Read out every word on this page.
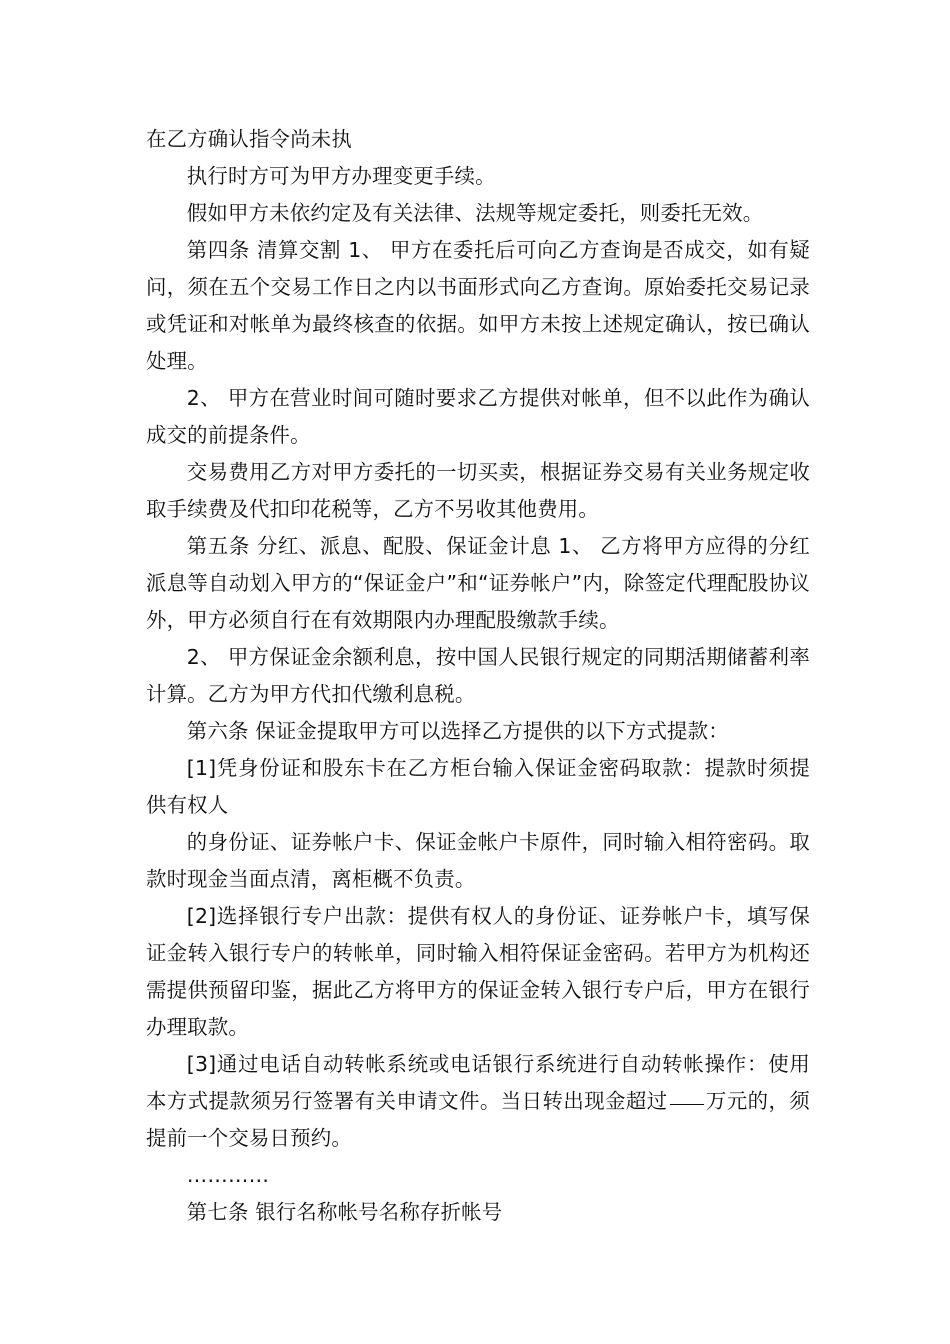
在乙方确认指令尚未执

执行时方可为甲方办理变更手续。

假如甲方未依约定及有关法律、法规等规定委托，则委托无效。

第四条 清算交割 1、 甲方在委托后可向乙方查询是否成交，如有疑问，须在五个交易工作日之内以书面形式向乙方查询。原始委托交易记录或凭证和对帐单为最终核查的依据。如甲方未按上述规定确认，按已确认处理。

2、 甲方在营业时间可随时要求乙方提供对帐单，但不以此作为确认成交的前提条件。

交易费用乙方对甲方委托的一切买卖，根据证券交易有关业务规定收取手续费及代扣印花税等，乙方不另收其他费用。

第五条 分红、派息、配股、保证金计息 1、 乙方将甲方应得的分红派息等自动划入甲方的“保证金户”和“证券帐户”内，除签定代理配股协议外，甲方必须自行在有效期限内办理配股缴款手续。

2、 甲方保证金余额利息，按中国人民银行规定的同期活期储蓄利率计算。乙方为甲方代扣代缴利息税。

第六条 保证金提取甲方可以选择乙方提供的以下方式提款：

[1]凭身份证和股东卡在乙方柜台输入保证金密码取款：提款时须提供有权人

的身份证、证券帐户卡、保证金帐户卡原件，同时输入相符密码。取款时现金当面点清，离柜概不负责。

[2]选择银行专户出款：提供有权人的身份证、证券帐户卡，填写保证金转入银行专户的转帐单，同时输入相符保证金密码。若甲方为机构还需提供预留印鉴，据此乙方将甲方的保证金转入银行专户后，甲方在银行办理取款。

[3]通过电话自动转帐系统或电话银行系统进行自动转帐操作：使用本方式提款须另行签署有关申请文件。当日转出现金超过 万元的，须提前一个交易日预约。

…………

第七条 银行名称帐号名称存折帐号
